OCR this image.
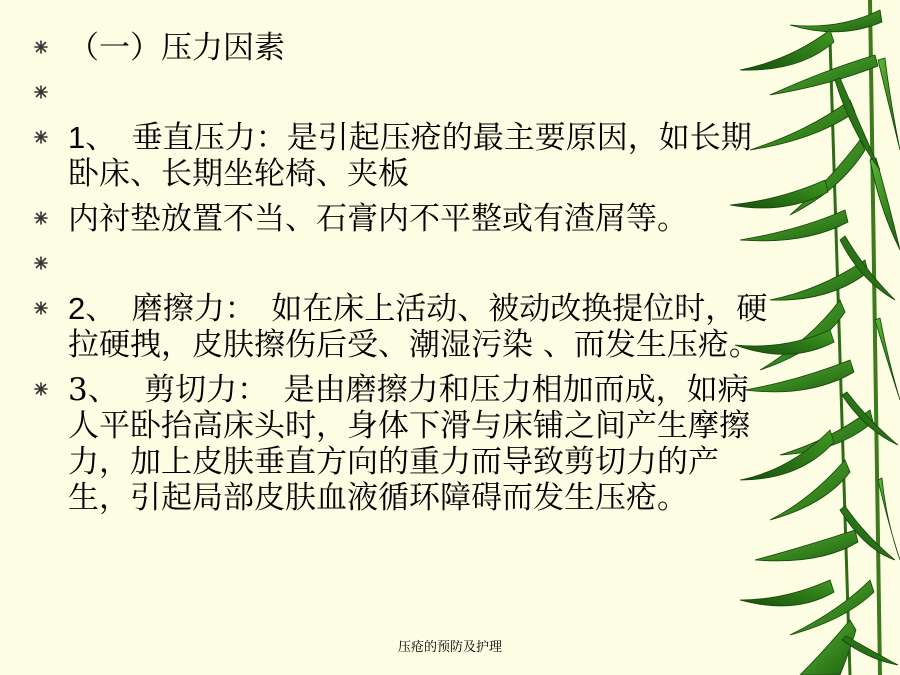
（一）压力因素
1、　垂直压力：是引起压疮的最主要原因，如长期卧床、长期坐轮椅、夹板
内衬垫放置不当、石膏内不平整或有渣屑等。
2、　磨擦力：　如在床上活动、被动改换提位时，硬拉硬拽，皮肤擦伤后受、潮湿污染 、而发生压疮。
3、　 剪切力：　是由磨擦力和压力相加而成，如病人平卧抬高床头时，身体下滑与床铺之间产生摩擦力，加上皮肤垂直方向的重力而导致剪切力的产生，引起局部皮肤血液循环障碍而发生压疮。
压疮的预防及护理
